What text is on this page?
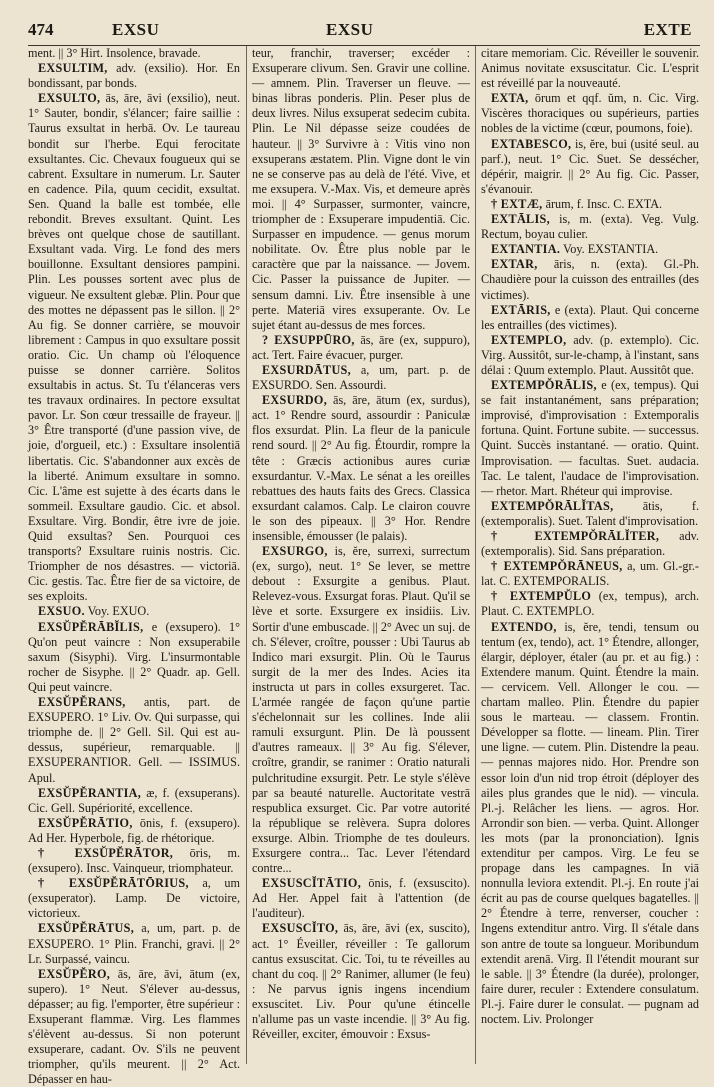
474	EXSU	EXSU	EXTE

ment. || 3° Hirt. Insolence, bravade.

EXSULTIM, adv. (exsilio). Hor. En bondissant, par bonds.

EXSULTO, ās, āre, āvi (exsilio), neut. 1° Sauter, bondir, s'élancer; faire saillie : Taurus exsultat in herbā. Ov. Le taureau bondit sur l'herbe. Equi ferocitate exsultantes. Cic. Chevaux fougueux qui se cabrent. Exsultare in numerum. Lr. Sauter en cadence. Pila, quum cecidit, exsultat. Sen. Quand la balle est tombée, elle rebondit. Breves exsultant. Quint. Les brèves ont quelque chose de sautillant. Exsultant vada. Virg. Le fond des mers bouillonne. Exsultant densiores pampini. Plin. Les pousses sortent avec plus de vigueur. Ne exsultent glebæ. Plin. Pour que des mottes ne dépassent pas le sillon. || 2° Au fig. Se donner carrière, se mouvoir librement : Campus in quo exsultare possit oratio. Cic. Un champ où l'éloquence puisse se donner carrière. Solitos exsultabis in actus. St. Tu t'élanceras vers tes travaux ordinaires. In pectore exsultat pavor. Lr. Son cœur tressaille de frayeur. || 3° Être transporté (d'une passion vive, de joie, d'orgueil, etc.) : Exsultare insolentiā libertatis. Cic. S'abandonner aux excès de la liberté. Animum exsultare in somno. Cic. L'âme est sujette à des écarts dans le sommeil. Exsultare gaudio. Cic. et absol. Exsultare. Virg. Bondir, être ivre de joie. Quid exsultas? Sen. Pourquoi ces transports? Exsultare ruinis nostris. Cic. Triompher de nos désastres. — victoriā. Cic. gestis. Tac. Être fier de sa victoire, de ses exploits.

EXSUO. Voy. EXUO.

EXSŬPĔRĀBĬLIS, e (exsupero). 1° Qu'on peut vaincre : Non exsuperabile saxum (Sisyphi). Virg. L'insurmontable rocher de Sisyphe. || 2° Quadr. ap. Gell. Qui peut vaincre.

EXSŬPĔRANS, antis, part. de EXSUPERO. 1° Liv. Ov. Qui surpasse, qui triomphe de. || 2° Gell. Sil. Qui est au-dessus, supérieur, remarquable. || EXSUPERANTIOR. Gell. — ISSIMUS. Apul.

EXSŬPĔRANTIA, æ, f. (exsuperans). Cic. Gell. Supériorité, excellence.

EXSŬPĔRĀTIO, ōnis, f. (exsupero). Ad Her. Hyperbole, fig. de rhétorique.

† EXSŬPĔRĀTOR, ōris, m. (exsupero). Insc. Vainqueur, triomphateur.

† EXSŬPĔRĀTŌRIUS, a, um (exsuperator). Lamp. De victoire, victorieux.

EXSŬPĔRĀTUS, a, um, part. p. de EXSUPERO. 1° Plin. Franchi, gravi. || 2° Lr. Surpassé, vaincu.

EXSŬPĔRO, ās, āre, āvi, ātum (ex, supero). 1° Neut. S'élever au-dessus, dépasser; au fig. l'emporter, être supérieur : Exsuperant flammæ. Virg. Les flammes s'élèvent au-dessus. Si non poterunt exsuperare, cadant. Ov. S'ils ne peuvent triompher, qu'ils meurent. || 2° Act. Dépasser en hau-

teur, franchir, traverser; excéder : Exsuperare clivum. Sen. Gravir une colline. — amnem. Plin. Traverser un fleuve. — binas libras ponderis. Plin. Peser plus de deux livres. Nilus exsuperat sedecim cubita. Plin. Le Nil dépasse seize coudées de hauteur. || 3° Survivre à : Vitis vino non exsuperans æstatem. Plin. Vigne dont le vin ne se conserve pas au delà de l'été. Vive, et me exsupera. V.-Max. Vis, et demeure après moi. || 4° Surpasser, surmonter, vaincre, triompher de : Exsuperare impudentiā. Cic. Surpasser en impudence. — genus morum nobilitate. Ov. Être plus noble par le caractère que par la naissance. — Jovem. Cic. Passer la puissance de Jupiter. — sensum damni. Liv. Être insensible à une perte. Materiā vires exsuperante. Ov. Le sujet étant au-dessus de mes forces.

? EXSUPPŪRO, ās, āre (ex, suppuro), act. Tert. Faire évacuer, purger.

EXSURDĀTUS, a, um, part. p. de EXSURDO. Sen. Assourdi.

EXSURDO, ās, āre, ātum (ex, surdus), act. 1° Rendre sourd, assourdir : Paniculæ flos exsurdat. Plin. La fleur de la panicule rend sourd. || 2° Au fig. Étourdir, rompre la tête : Græcis actionibus aures curiæ exsurdantur. V.-Max. Le sénat a les oreilles rebattues des hauts faits des Grecs. Classica exsurdant calamos. Calp. Le clairon couvre le son des pipeaux. || 3° Hor. Rendre insensible, émousser (le palais).

EXSURGO, is, ĕre, surrexi, surrectum (ex, surgo), neut. 1° Se lever, se mettre debout : Exsurgite a genibus. Plaut. Relevez-vous. Exsurgat foras. Plaut. Qu'il se lève et sorte. Exsurgere ex insidiis. Liv. Sortir d'une embuscade. || 2° Avec un suj. de ch. S'élever, croître, pousser : Ubi Taurus ab Indico mari exsurgit. Plin. Où le Taurus surgit de la mer des Indes. Acies ita instructa ut pars in colles exsurgeret. Tac. L'armée rangée de façon qu'une partie s'échelonnait sur les collines. Inde alii ramuli exsurgunt. Plin. De là poussent d'autres rameaux. || 3° Au fig. S'élever, croître, grandir, se ranimer : Oratio naturali pulchritudine exsurgit. Petr. Le style s'élève par sa beauté naturelle. Auctoritate vestrā respublica exsurget. Cic. Par votre autorité la république se relèvera. Supra dolores exsurge. Albin. Triomphe de tes douleurs. Exsurgere contra... Tac. Lever l'étendard contre...

EXSUSCĬTĀTIO, ōnis, f. (exsuscito). Ad Her. Appel fait à l'attention (de l'auditeur).

EXSUSCĬTO, ās, āre, āvi (ex, suscito), act. 1° Éveiller, réveiller : Te gallorum cantus exsuscitat. Cic. Toi, tu te réveilles au chant du coq. || 2° Ranimer, allumer (le feu) : Ne parvus ignis ingens incendium exsuscitet. Liv. Pour qu'une étincelle n'allume pas un vaste incendie. || 3° Au fig. Réveiller, exciter, émouvoir : Exsus-

citare memoriam. Cic. Réveiller le souvenir. Animus novitate exsuscitatur. Cic. L'esprit est réveillé par la nouveauté.

EXTA, ōrum et qqf. ŭm, n. Cic. Virg. Viscères thoraciques ou supérieurs, parties nobles de la victime (cœur, poumons, foie).

EXTABESCO, is, ĕre, bui (usité seul. au parf.), neut. 1° Cic. Suet. Se dessécher, dépérir, maigrir. || 2° Au fig. Cic. Passer, s'évanouir.

† EXTÆ, ārum, f. Insc. C. EXTA.

EXTĀLIS, is, m. (exta). Veg. Vulg. Rectum, boyau culier.

EXTANTIA. Voy. EXSTANTIA.

EXTAR, āris, n. (exta). Gl.-Ph. Chaudière pour la cuisson des entrailles (des victimes).

EXTĀRIS, e (exta). Plaut. Qui concerne les entrailles (des victimes).

EXTEMPLO, adv. (p. extemplo). Cic. Virg. Aussitôt, sur-le-champ, à l'instant, sans délai : Quum extemplo. Plaut. Aussitôt que.

EXTEMPŎRĀLIS, e (ex, tempus). Qui se fait instantanément, sans préparation; improvisé, d'improvisation : Extemporalis fortuna. Quint. Fortune subite. — successus. Quint. Succès instantané. — oratio. Quint. Improvisation. — facultas. Suet. audacia. Tac. Le talent, l'audace de l'improvisation. — rhetor. Mart. Rhéteur qui improvise.

EXTEMPŎRĀLĬTAS, ātis, f. (extemporalis). Suet. Talent d'improvisation.

† EXTEMPŎRĀLĬTER, adv. (extemporalis). Sid. Sans préparation.

† EXTEMPŎRĀNEUS, a, um. Gl.-gr.-lat. C. EXTEMPORALIS.

† EXTEMPŬLO (ex, tempus), arch. Plaut. C. EXTEMPLO.

EXTENDO, is, ĕre, tendi, tensum ou tentum (ex, tendo), act. 1° Étendre, allonger, élargir, déployer, étaler (au pr. et au fig.) : Extendere manum. Quint. Étendre la main. — cervicem. Vell. Allonger le cou. — chartam malleo. Plin. Étendre du papier sous le marteau. — classem. Frontin. Développer sa flotte. — lineam. Plin. Tirer une ligne. — cutem. Plin. Distendre la peau. — pennas majores nido. Hor. Prendre son essor loin d'un nid trop étroit (déployer des ailes plus grandes que le nid). — vincula. Pl.-j. Relâcher les liens. — agros. Hor. Arrondir son bien. — verba. Quint. Allonger les mots (par la prononciation). Ignis extenditur per campos. Virg. Le feu se propage dans les campagnes. In viā nonnulla leviora extendit. Pl.-j. En route j'ai écrit au pas de course quelques bagatelles. || 2° Étendre à terre, renverser, coucher : Ingens extenditur antro. Virg. Il s'étale dans son antre de toute sa longueur. Moribundum extendit arenā. Virg. Il l'étendit mourant sur le sable. || 3° Étendre (la durée), prolonger, faire durer, reculer : Extendere consulatum. Pl.-j. Faire durer le consulat. — pugnam ad noctem. Liv. Prolonger
